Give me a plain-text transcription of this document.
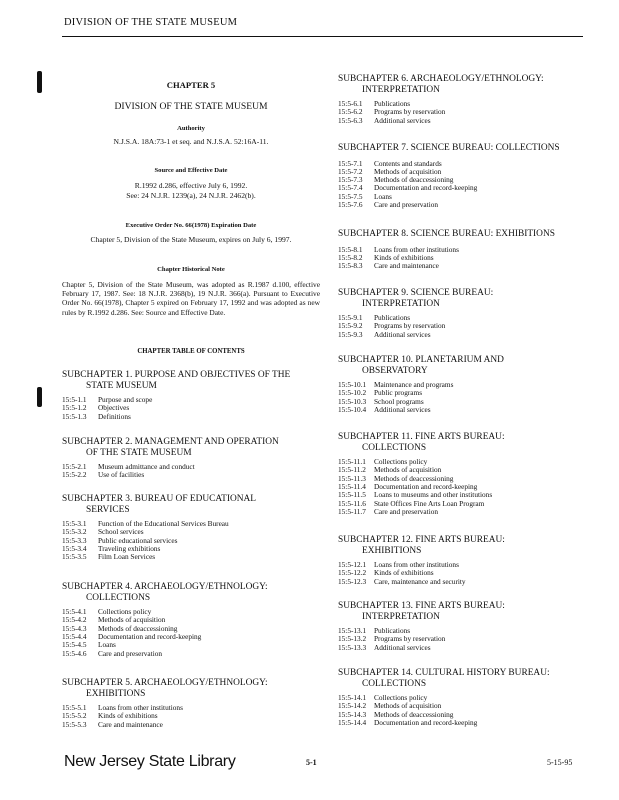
DIVISION OF THE STATE MUSEUM
CHAPTER 5
DIVISION OF THE STATE MUSEUM
Authority
N.J.S.A. 18A:73-1 et seq. and N.J.S.A. 52:16A-11.
Source and Effective Date
R.1992 d.286, effective July 6, 1992.
See: 24 N.J.R. 1239(a), 24 N.J.R. 2462(b).
Executive Order No. 66(1978) Expiration Date
Chapter 5, Division of the State Museum, expires on July 6, 1997.
Chapter Historical Note
Chapter 5, Division of the State Museum, was adopted as R.1987 d.100, effective February 17, 1987. See: 18 N.J.R. 2368(b), 19 N.J.R. 366(a). Pursuant to Executive Order No. 66(1978), Chapter 5 expired on February 17, 1992 and was adopted as new rules by R.1992 d.286. See: Source and Effective Date.
CHAPTER TABLE OF CONTENTS
SUBCHAPTER 1. PURPOSE AND OBJECTIVES OF THE
STATE MUSEUM
15:5-1.1	Purpose and scope
15:5-1.2	Objectives
15:5-1.3	Definitions
SUBCHAPTER 2. MANAGEMENT AND OPERATION
OF THE STATE MUSEUM
15:5-2.1	Museum admittance and conduct
15:5-2.2	Use of facilities
SUBCHAPTER 3. BUREAU OF EDUCATIONAL
SERVICES
15:5-3.1	Function of the Educational Services Bureau
15:5-3.2	School services
15:5-3.3	Public educational services
15:5-3.4	Traveling exhibitions
15:5-3.5	Film Loan Services
SUBCHAPTER 4. ARCHAEOLOGY/ETHNOLOGY:
COLLECTIONS
15:5-4.1	Collections policy
15:5-4.2	Methods of acquisition
15:5-4.3	Methods of deaccessioning
15:5-4.4	Documentation and record-keeping
15:5-4.5	Loans
15:5-4.6	Care and preservation
SUBCHAPTER 5. ARCHAEOLOGY/ETHNOLOGY:
EXHIBITIONS
15:5-5.1	Loans from other institutions
15:5-5.2	Kinds of exhibitions
15:5-5.3	Care and maintenance
SUBCHAPTER 6. ARCHAEOLOGY/ETHNOLOGY:
INTERPRETATION
15:5-6.1	Publications
15:5-6.2	Programs by reservation
15:5-6.3	Additional services
SUBCHAPTER 7. SCIENCE BUREAU: COLLECTIONS
15:5-7.1	Contents and standards
15:5-7.2	Methods of acquisition
15:5-7.3	Methods of deaccessioning
15:5-7.4	Documentation and record-keeping
15:5-7.5	Loans
15:5-7.6	Care and preservation
SUBCHAPTER 8. SCIENCE BUREAU: EXHIBITIONS
15:5-8.1	Loans from other institutions
15:5-8.2	Kinds of exhibitions
15:5-8.3	Care and maintenance
SUBCHAPTER 9. SCIENCE BUREAU:
INTERPRETATION
15:5-9.1	Publications
15:5-9.2	Programs by reservation
15:5-9.3	Additional services
SUBCHAPTER 10. PLANETARIUM AND
OBSERVATORY
15:5-10.1	Maintenance and programs
15:5-10.2	Public programs
15:5-10.3	School programs
15:5-10.4	Additional services
SUBCHAPTER 11. FINE ARTS BUREAU:
COLLECTIONS
15:5-11.1	Collections policy
15:5-11.2	Methods of acquisition
15:5-11.3	Methods of deaccessioning
15:5-11.4	Documentation and record-keeping
15:5-11.5	Loans to museums and other institutions
15:5-11.6	State Offices Fine Arts Loan Program
15:5-11.7	Care and preservation
SUBCHAPTER 12. FINE ARTS BUREAU:
EXHIBITIONS
15:5-12.1	Loans from other institutions
15:5-12.2	Kinds of exhibitions
15:5-12.3	Care, maintenance and security
SUBCHAPTER 13. FINE ARTS BUREAU:
INTERPRETATION
15:5-13.1	Publications
15:5-13.2	Programs by reservation
15:5-13.3	Additional services
SUBCHAPTER 14. CULTURAL HISTORY BUREAU:
COLLECTIONS
15:5-14.1	Collections policy
15:5-14.2	Methods of acquisition
15:5-14.3	Methods of deaccessioning
15:5-14.4	Documentation and record-keeping
New Jersey State Library	5-1	5-15-95
